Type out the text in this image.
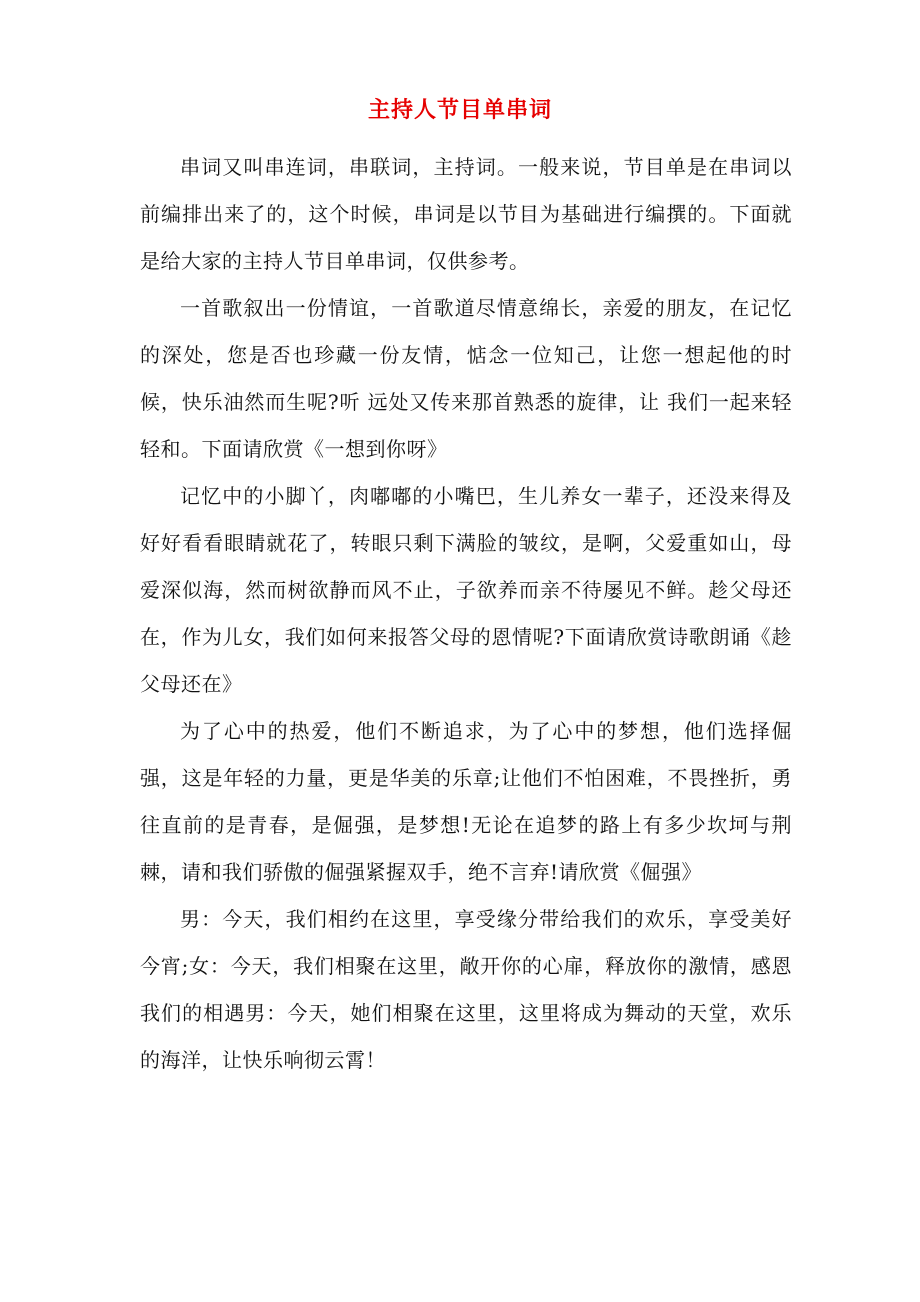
主持人节目单串词

串词又叫串连词，串联词，主持词。一般来说，节目单是在串词以前编排出来了的，这个时候，串词是以节目为基础进行编撰的。下面就是给大家的主持人节目单串词，仅供参考。

一首歌叙出一份情谊，一首歌道尽情意绵长，亲爱的朋友，在记忆的深处，您是否也珍藏一份友情，惦念一位知己，让您一想起他的时候，快乐油然而生呢?听 远处又传来那首熟悉的旋律，让 我们一起来轻轻和。下面请欣赏《一想到你呀》

记忆中的小脚丫，肉嘟嘟的小嘴巴，生儿养女一辈子，还没来得及好好看看眼睛就花了，转眼只剩下满脸的皱纹，是啊，父爱重如山，母爱深似海，然而树欲静而风不止，子欲养而亲不待屡见不鲜。趁父母还在，作为儿女，我们如何来报答父母的恩情呢?下面请欣赏诗歌朗诵《趁父母还在》

为了心中的热爱，他们不断追求，为了心中的梦想，他们选择倔强，这是年轻的力量，更是华美的乐章;让他们不怕困难，不畏挫折，勇往直前的是青春，是倔强，是梦想!无论在追梦的路上有多少坎坷与荆棘，请和我们骄傲的倔强紧握双手，绝不言弃!请欣赏《倔强》

男：今天，我们相约在这里，享受缘分带给我们的欢乐，享受美好今宵;女：今天，我们相聚在这里，敞开你的心扉，释放你的激情，感恩我们的相遇男：今天，她们相聚在这里，这里将成为舞动的天堂，欢乐的海洋，让快乐响彻云霄！
